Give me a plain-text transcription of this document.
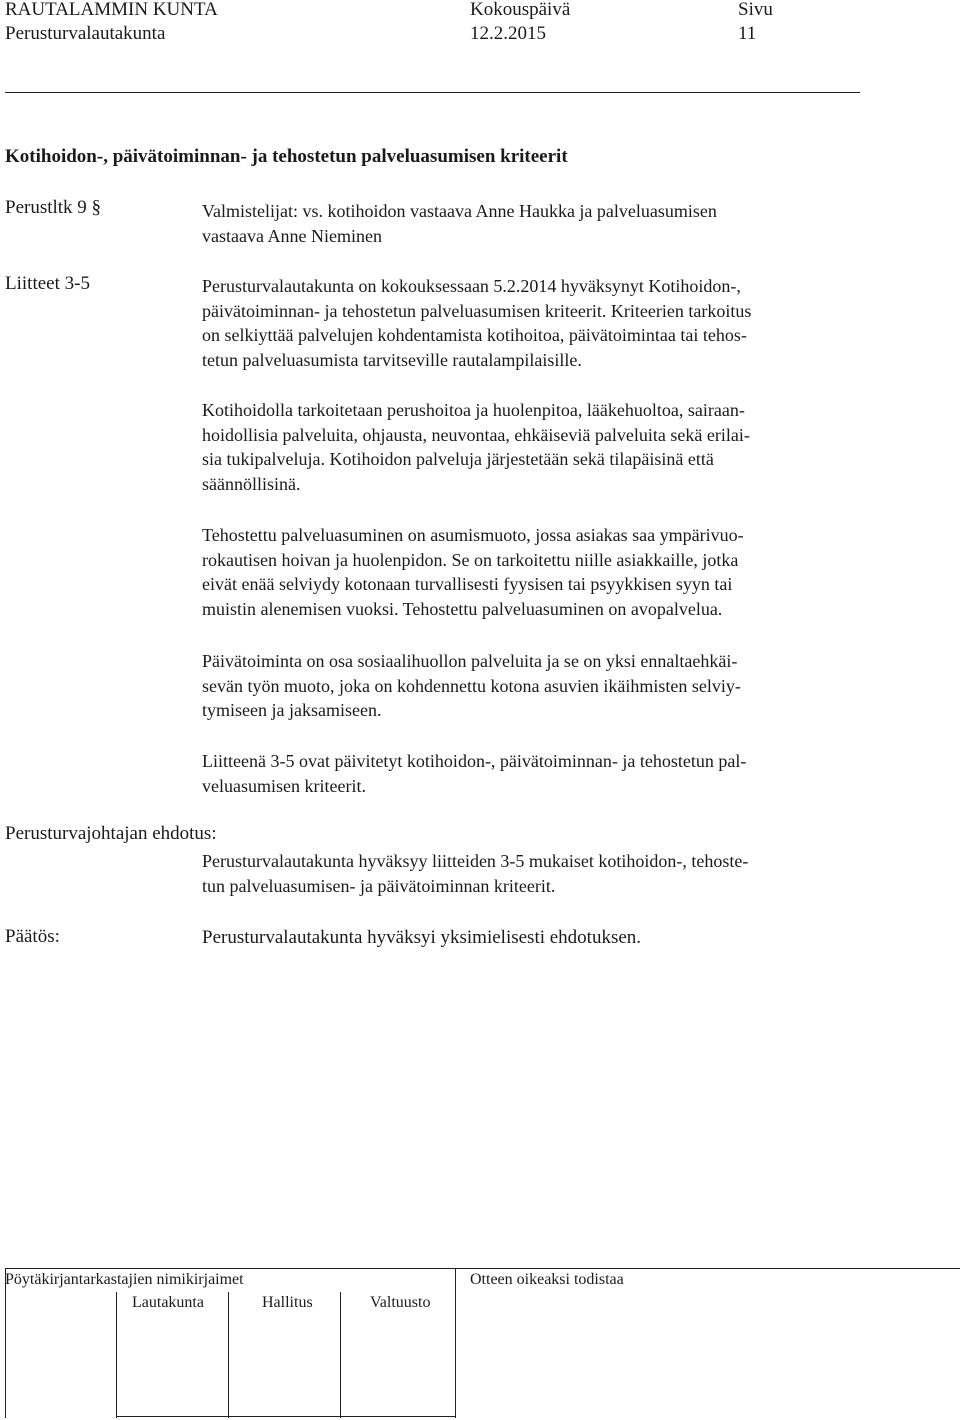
RAUTALAMMIN KUNTA
Perusturvalautakunta
Kokouspäivä
12.2.2015
Sivu
11
Kotihoidon-, päivätoiminnan- ja tehostetun palveluasumisen kriteerit
Perustltk 9 §	Valmistelijat: vs. kotihoidon vastaava Anne Haukka ja palveluasumisen
vastaava Anne Nieminen
Liitteet 3-5	Perusturvalautakunta on kokouksessaan 5.2.2014 hyväksynyt Kotihoidon-,
päivätoiminnan- ja tehostetun palveluasumisen kriteerit. Kriteerien tarkoitus
on selkiyttää palvelujen kohdentamista kotihoitoa, päivätoimintaa tai tehos-
tetun palveluasumista tarvitseville rautalampilaisille.
Kotihoidolla tarkoitetaan perushoitoa ja huolenpitoa, lääkehuoltoa, sairaan-
hoidollisia palveluita, ohjausta, neuvontaa, ehkäiseviä palveluita sekä erilai-
sia tukipalveluja. Kotihoidon palveluja järjestetään sekä tilapäisinä että
säännöllisinä.
Tehostettu palveluasuminen on asumismuoto, jossa asiakas saa ympärivuo-
rokautisen hoivan ja huolenpidon. Se on tarkoitettu niille asiakkaille, jotka
eivät enää selviydy kotonaan turvallisesti fyysisen tai psyykkisen syyn tai
muistin alenemisen vuoksi. Tehostettu palveluasuminen on avopalvelua.
Päivätoiminta on osa sosiaalihuollon palveluita ja se on yksi ennaltaehkäi-
sevän työn muoto, joka on kohdennettu kotona asuvien ikäihmisten selviy-
tymiseen ja jaksamiseen.
Liitteenä 3-5 ovat päivitetyt kotihoidon-, päivätoiminnan- ja tehostetun pal-
veluasumisen kriteerit.
Perusturvajohtajan ehdotus:
Perusturvalautakunta hyväksyy liitteiden 3-5 mukaiset kotihoidon-, tehoste-
tun palveluasumisen- ja päivätoiminnan kriteerit.
Päätös:	Perusturvalautakunta hyväksyi yksimielisesti ehdotuksen.
Pöytäkirjantarkastajien nimikirjaimet	Otteen oikeaksi todistaa
Lautakunta	Hallitus	Valtuusto
